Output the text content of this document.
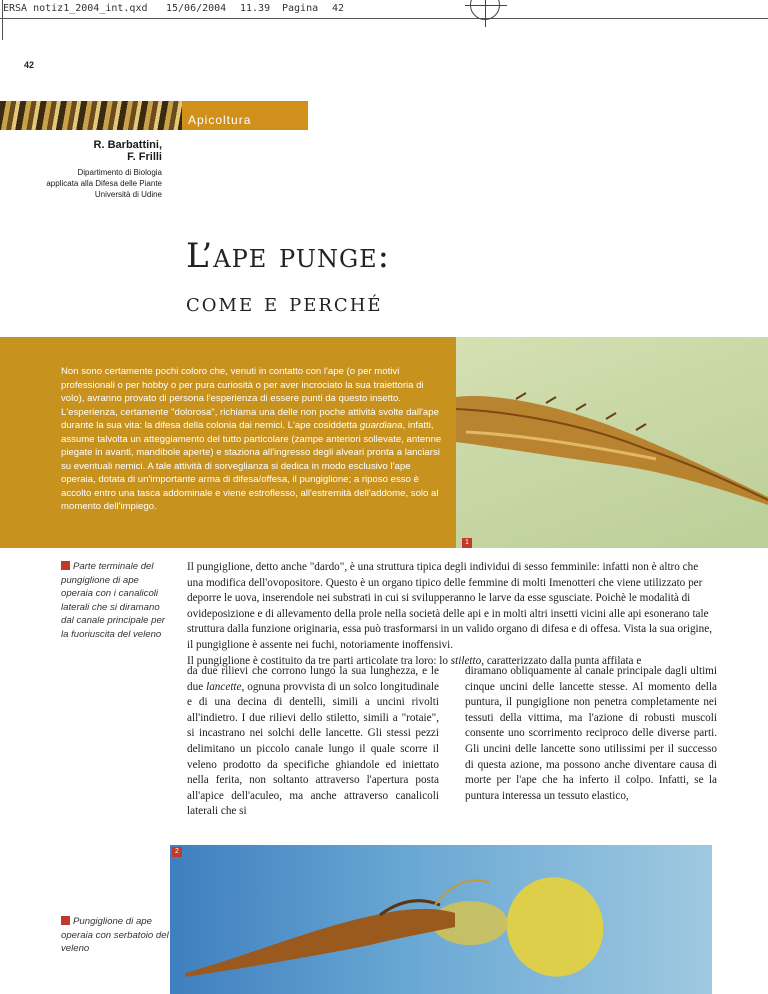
ERSA notiz1_2004_int.qxd 15/06/2004 11.39 Pagina 42
42
Apicoltura
R. Barbattini,
F. Frilli
Dipartimento di Biologia
applicata alla Difesa delle Piante
Università di Udine
L’ape punge:
come e perché
Non sono certamente pochi coloro che, venuti in contatto con l'ape (o per motivi professionali o per hobby o per pura curiosità o per aver incrociato la sua traiettoria di volo), avranno provato di persona l'esperienza di essere punti da questo insetto.
L'esperienza, certamente "dolorosa", richiama una delle non poche attività svolte dall'ape durante la sua vita: la difesa della colonia dai nemici. L'ape cosiddetta guardiana, infatti, assume talvolta un atteggiamento del tutto particolare (zampe anteriori sollevate, antenne piegate in avanti, mandibole aperte) e staziona all'ingresso degli alveari pronta a lanciarsi su eventuali nemici. A tale attività di sorveglianza si dedica in modo esclusivo l'ape operaia, dotata di un'importante arma di difesa/offesa, il pungiglione; a riposo esso è accolto entro una tasca addominale e viene estroflesso, all'estremità dell'addome, solo al momento dell'impiego.
1
Parte terminale del pungiglione di ape operaia con i canalicoli laterali che si diramano dal canale principale per la fuoriuscita del veleno
Il pungiglione, detto anche "dardo", è una struttura tipica degli individui di sesso femminile: infatti non è altro che una modifica dell'ovopositore. Questo è un organo tipico delle femmine di molti Imenotteri che viene utilizzato per deporre le uova, inserendole nei substrati in cui si svilupperanno le larve da esse sgusciate. Poichè le modalità di ovideposizione e di allevamento della prole nella società delle api e in molti altri insetti vicini alle api esonerano tale struttura dalla funzione originaria, essa può trasformarsi in un valido organo di difesa e di offesa. Vista la sua origine, il pungiglione è assente nei fuchi, notoriamente inoffensivi.
Il pungiglione è costituito da tre parti articolate tra loro: lo stiletto, caratterizzato dalla punta affilata e
da due rilievi che corrono lungo la sua lunghezza, e le due lancette, ognuna provvista di un solco longitudinale e di una decina di dentelli, simili a uncini rivolti all'indietro. I due rilievi dello stiletto, simili a "rotaie", si incastrano nei solchi delle lancette. Gli stessi pezzi delimitano un piccolo canale lungo il quale scorre il veleno prodotto da specifiche ghiandole ed iniettato nella ferita, non soltanto attraverso l'apertura posta all'apice dell'aculeo, ma anche attraverso canalicoli laterali che si
diramano obliquamente al canale principale dagli ultimi cinque uncini delle lancette stesse. Al momento della puntura, il pungiglione non penetra completamente nei tessuti della vittima, ma l'azione di robusti muscoli consente uno scorrimento reciproco delle diverse parti. Gli uncini delle lancette sono utilissimi per il successo di questa azione, ma possono anche diventare causa di morte per l'ape che ha inferto il colpo. Infatti, se la puntura interessa un tessuto elastico,
2
Pungiglione di ape operaia con serbatoio del veleno
